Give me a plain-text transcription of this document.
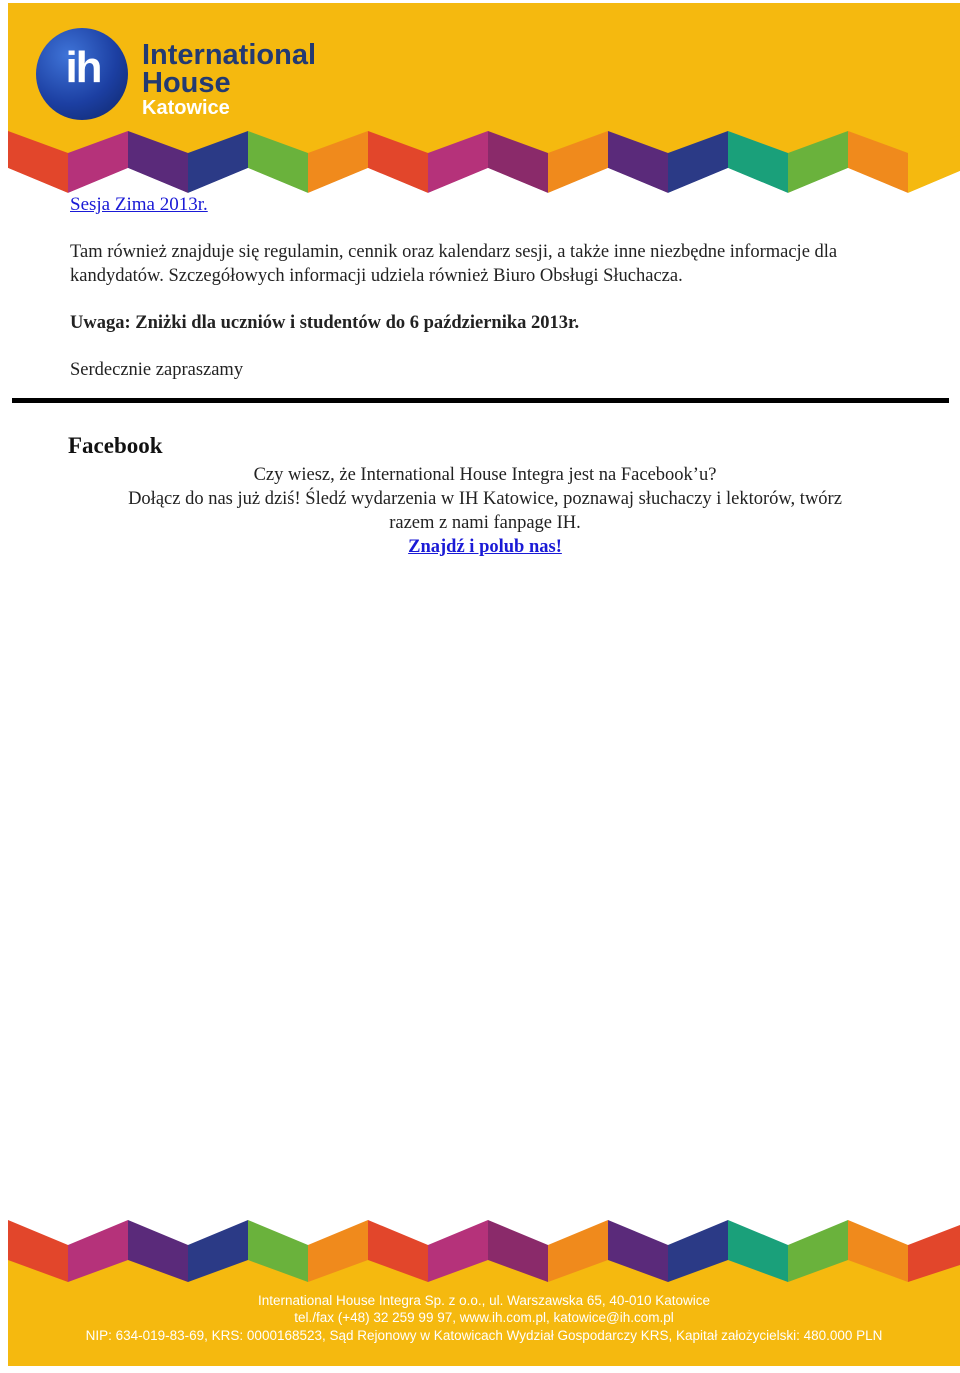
ih International
House
Katowice
Sesja Zima 2013r.
Tam również znajduje się regulamin, cennik oraz kalendarz sesji, a także inne niezbędne informacje dla kandydatów. Szczegółowych informacji udziela również Biuro Obsługi Słuchacza.
Uwaga: Zniżki dla uczniów i studentów do 6 października 2013r.
Serdecznie zapraszamy
Facebook
Czy wiesz, że International House Integra jest na Facebook’u?
Dołącz do nas już dziś! Śledź wydarzenia w IH Katowice, poznawaj słuchaczy i lektorów, twórz
razem z nami fanpage IH.
Znajdź i polub nas!
International House Integra Sp. z o.o., ul. Warszawska 65, 40-010 Katowice
tel./fax (+48) 32 259 99 97, www.ih.com.pl, katowice@ih.com.pl
NIP: 634-019-83-69, KRS: 0000168523, Sąd Rejonowy w Katowicach Wydział Gospodarczy KRS, Kapitał założycielski: 480.000 PLN
